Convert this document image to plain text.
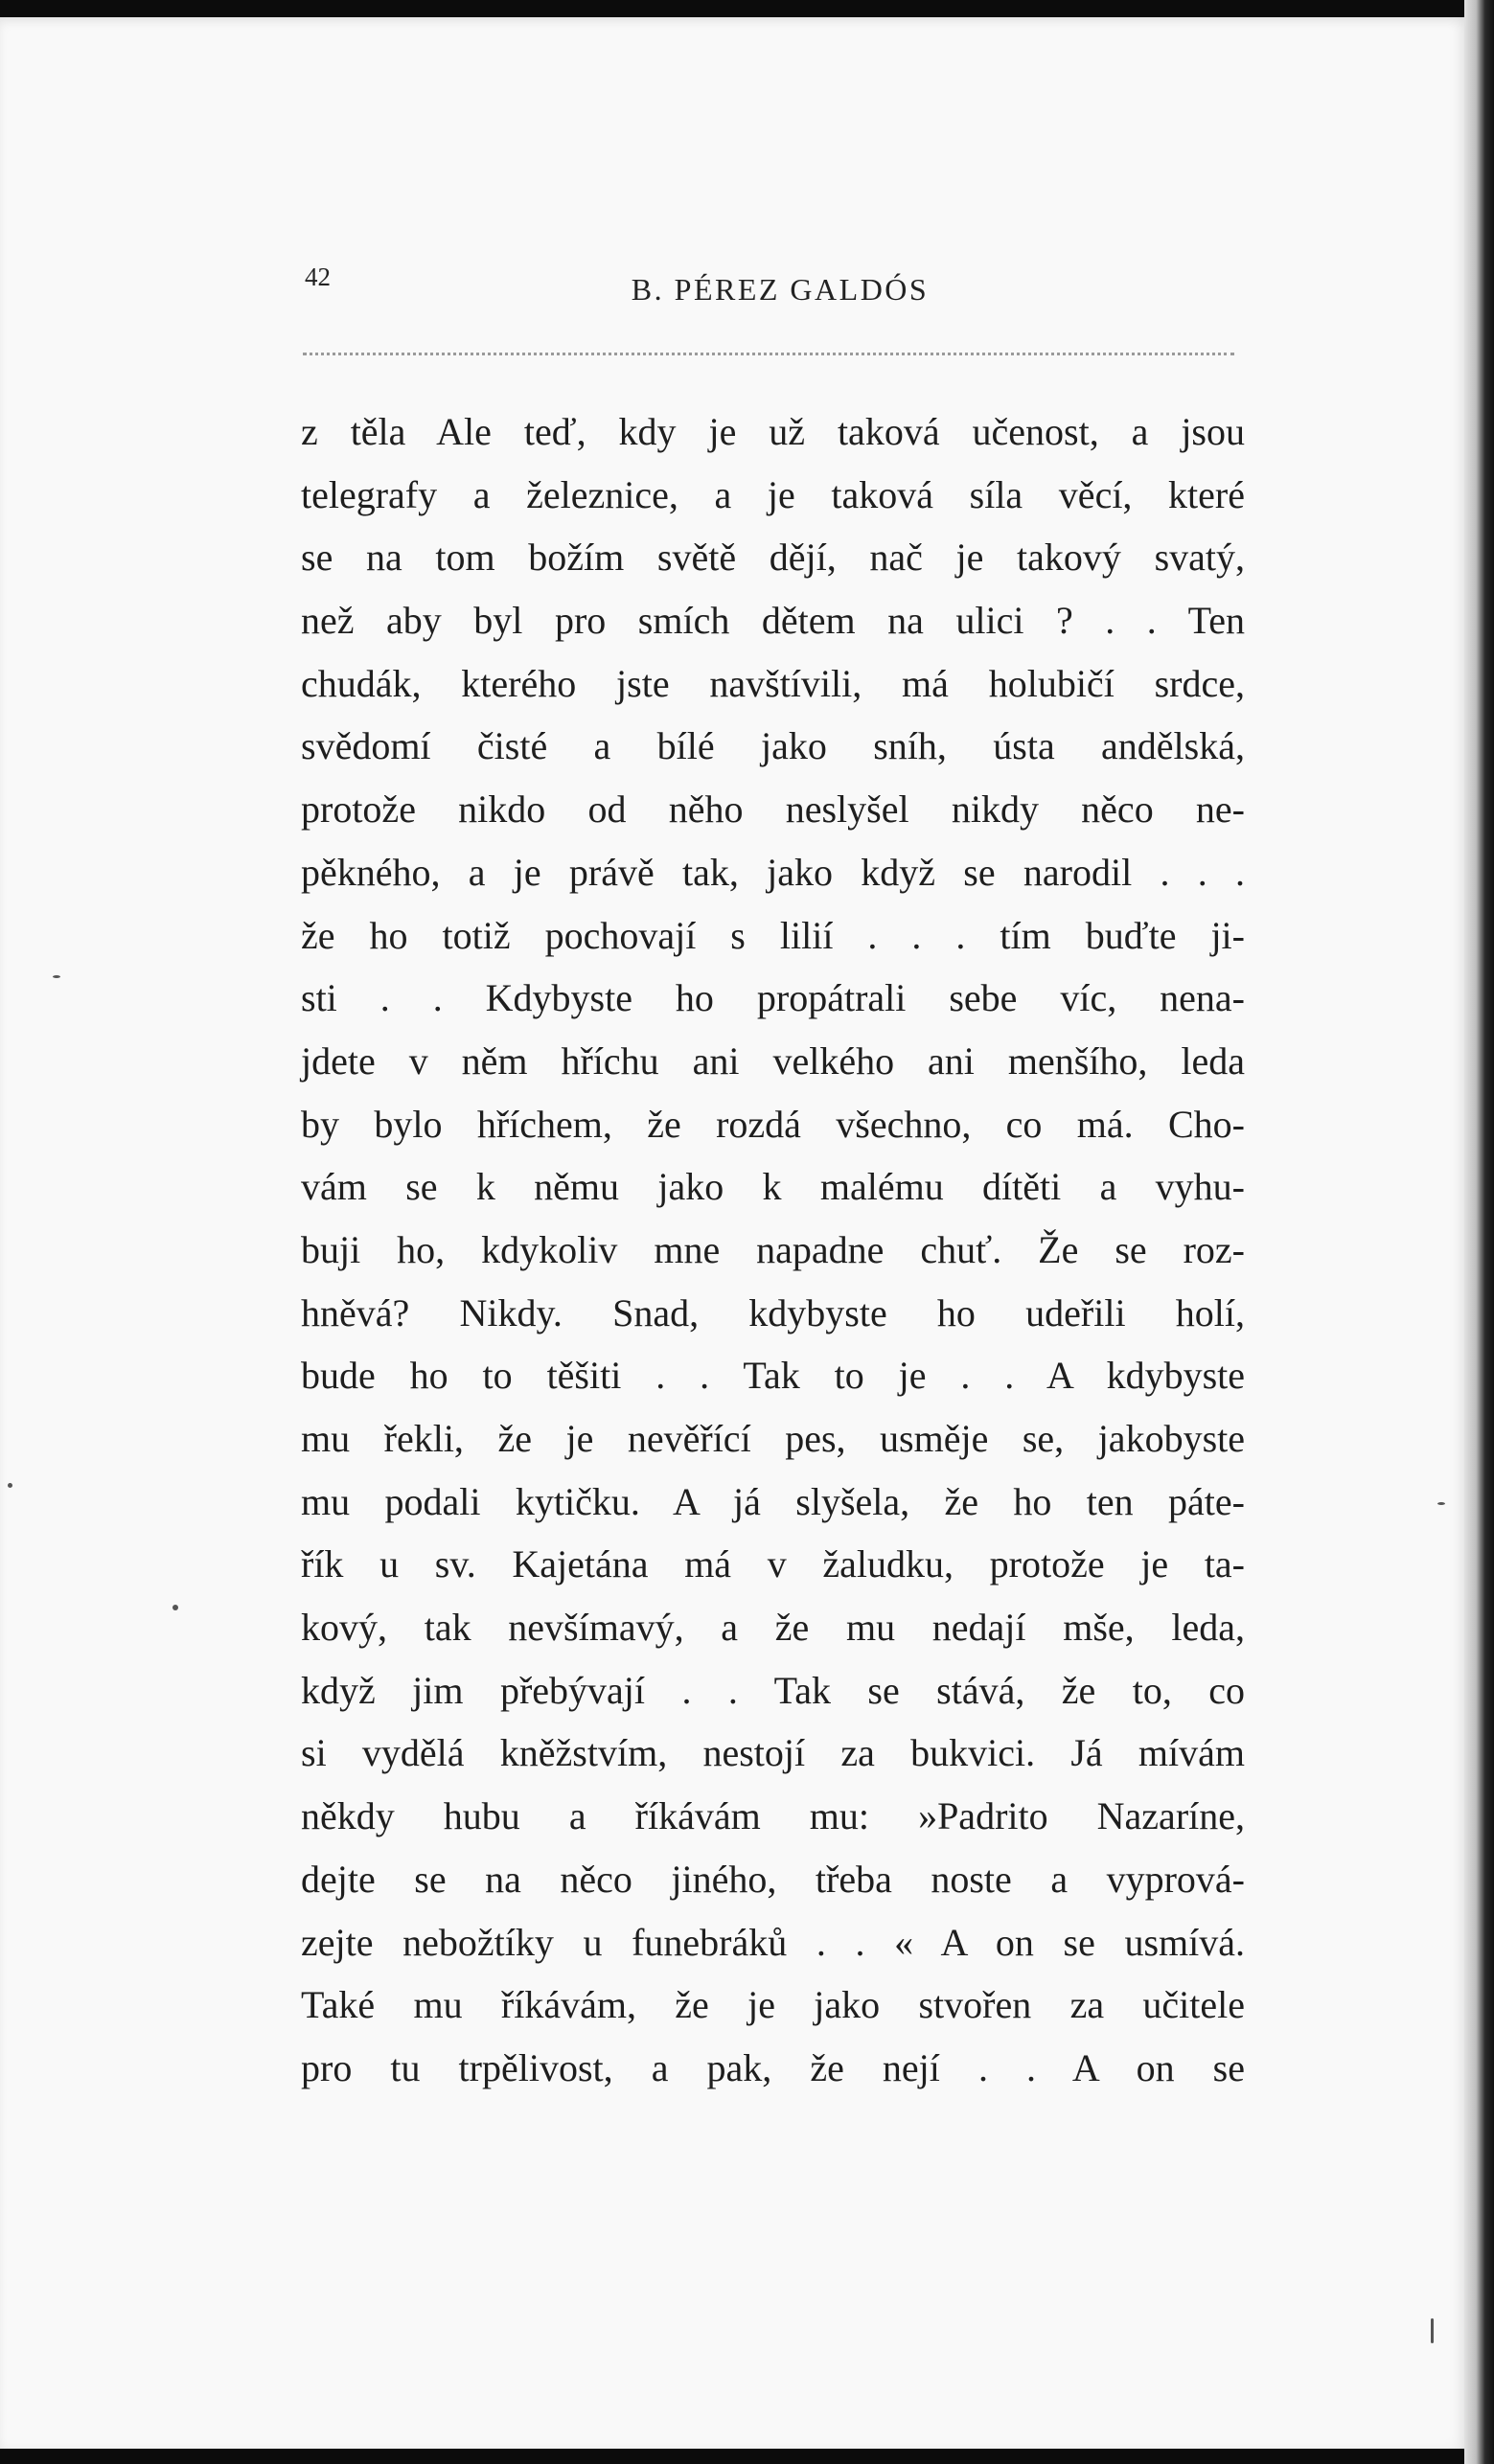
42	B. PÉREZ GALDÓS
z těla Ale teď, kdy je už taková učenost, a jsou
telegrafy a železnice, a je taková síla věcí, které
se na tom božím světě dějí, nač je takový svatý,
než aby byl pro smích dětem na ulici ? . . Ten
chudák, kterého jste navštívili, má holubičí srdce,
svědomí čisté a bílé jako sníh, ústa andělská,
protože nikdo od něho neslyšel nikdy něco ne-
pěkného, a je právě tak, jako když se narodil . . .
že ho totiž pochovají s lilií . . . tím buďte ji-
sti . . Kdybyste ho propátrali sebe víc, nena-
jdete v něm hříchu ani velkého ani menšího, leda
by bylo hříchem, že rozdá všechno, co má. Cho-
vám se k němu jako k malému dítěti a vyhu-
buji ho, kdykoliv mne napadne chuť. Že se roz-
hněvá? Nikdy. Snad, kdybyste ho udeřili holí,
bude ho to těšiti . . Tak to je . . A kdybyste
mu řekli, že je nevěřící pes, usměje se, jakobyste
mu podali kytičku. A já slyšela, že ho ten páte-
řík u sv. Kajetána má v žaludku, protože je ta-
kový, tak nevšímavý, a že mu nedají mše, leda,
když jim přebývají . . Tak se stává, že to, co
si vydělá kněžstvím, nestojí za bukvici. Já mívám
někdy hubu a říkávám mu: »Padrito Nazaríne,
dejte se na něco jiného, třeba noste a vyprová-
zejte nebožtíky u funebráků . . « A on se usmívá.
Také mu říkávám, že je jako stvořen za učitele
pro tu trpělivost, a pak, že nejí . . A on se
